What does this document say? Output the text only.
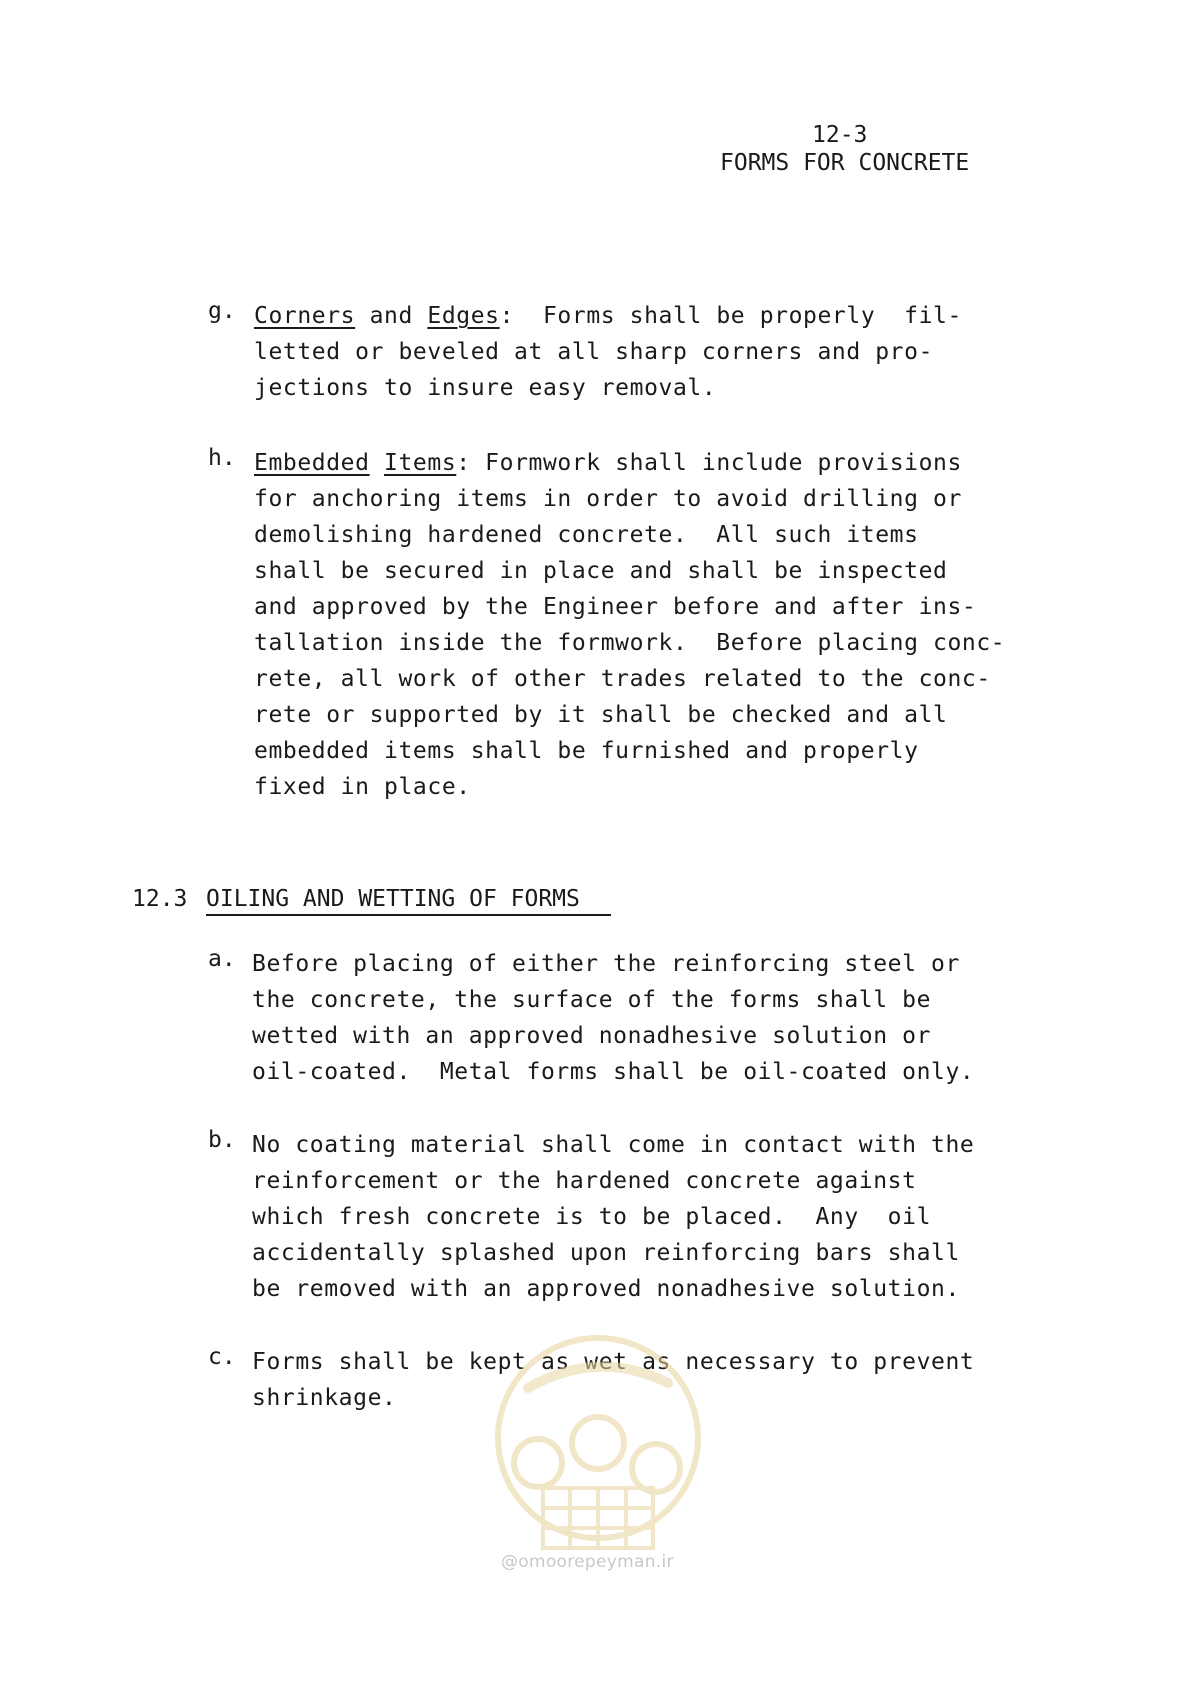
12-3
FORMS FOR CONCRETE
g. Corners and Edges:  Forms shall be properly  fil-
letted or beveled at all sharp corners and pro-
jections to insure easy removal.
h. Embedded Items: Formwork shall include provisions
for anchoring items in order to avoid drilling or
demolishing hardened concrete.  All such items
shall be secured in place and shall be inspected
and approved by the Engineer before and after ins-
tallation inside the formwork.  Before placing conc-
rete, all work of other trades related to the conc-
rete or supported by it shall be checked and all
embedded items shall be furnished and properly
fixed in place.
12.3 OILING AND WETTING OF FORMS
a. Before placing of either the reinforcing steel or
the concrete, the surface of the forms shall be
wetted with an approved nonadhesive solution or
oil-coated.  Metal forms shall be oil-coated only.
b. No coating material shall come in contact with the
reinforcement or the hardened concrete against
which fresh concrete is to be placed.  Any  oil
accidentally splashed upon reinforcing bars shall
be removed with an approved nonadhesive solution.
c. Forms shall be kept as wet as necessary to prevent
shrinkage.
@omoorepeyman.ir
